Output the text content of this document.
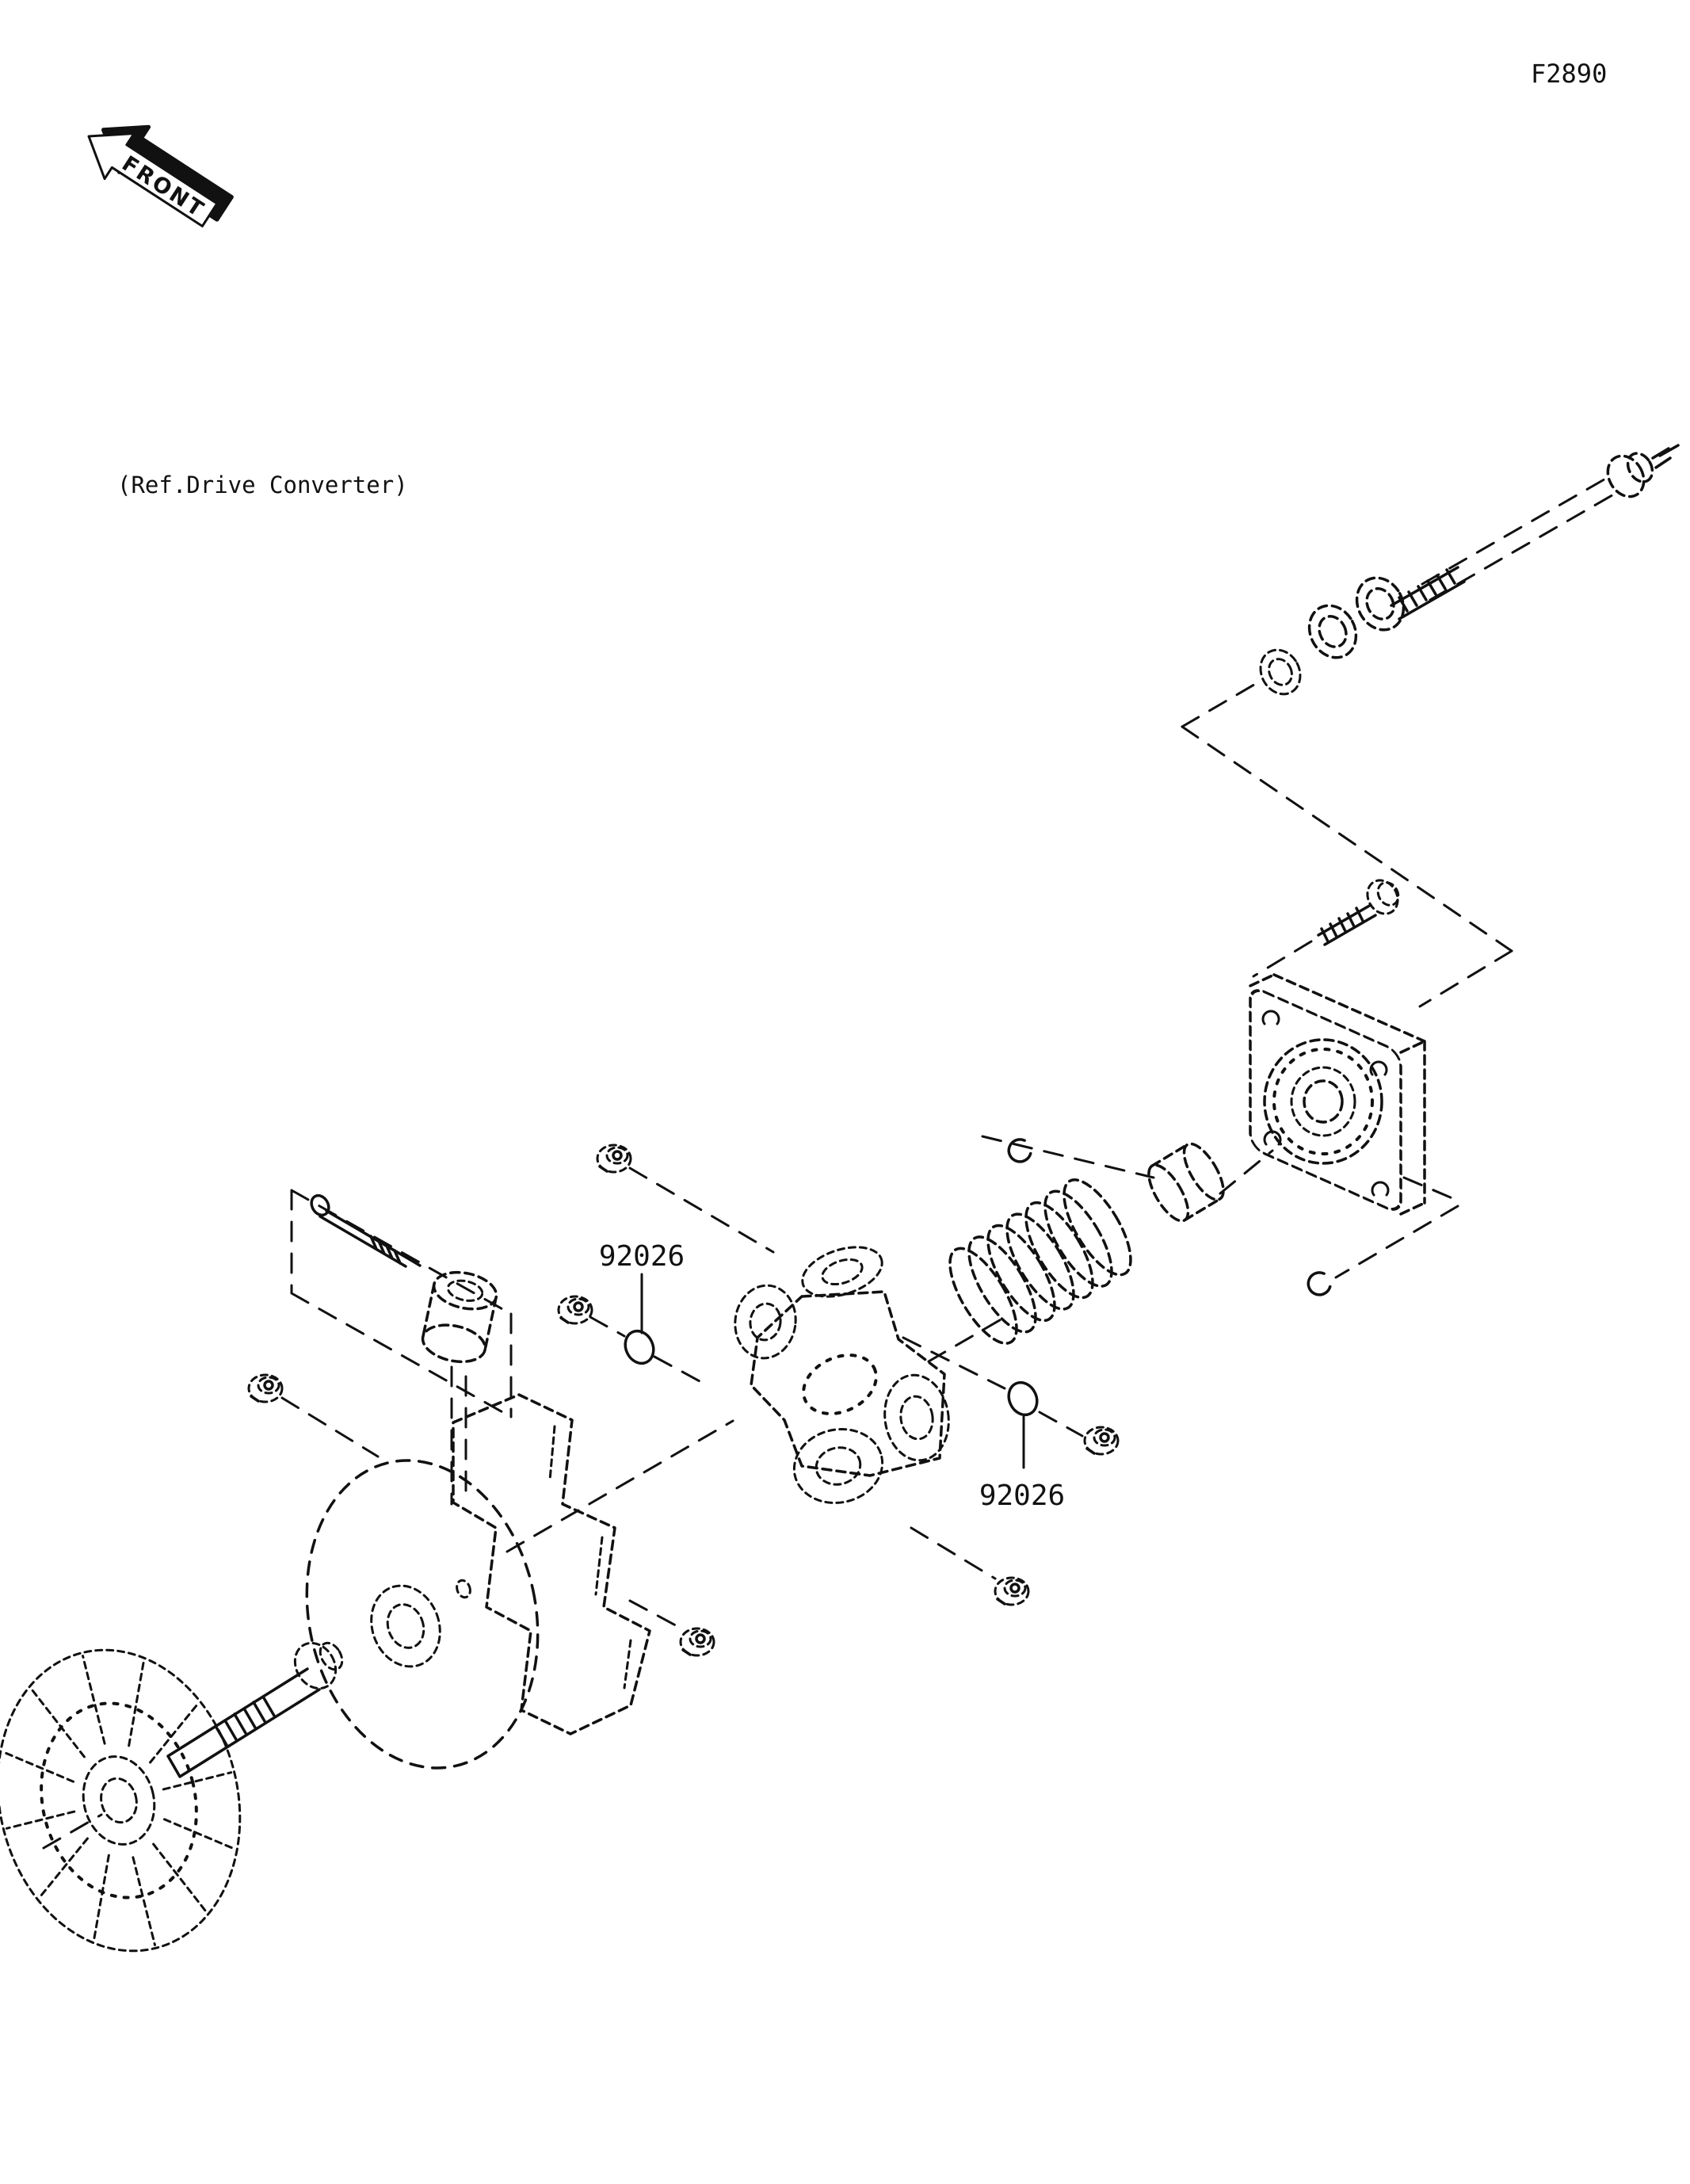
FRONT
F2890
(Ref.Drive Converter)
92026
92026
